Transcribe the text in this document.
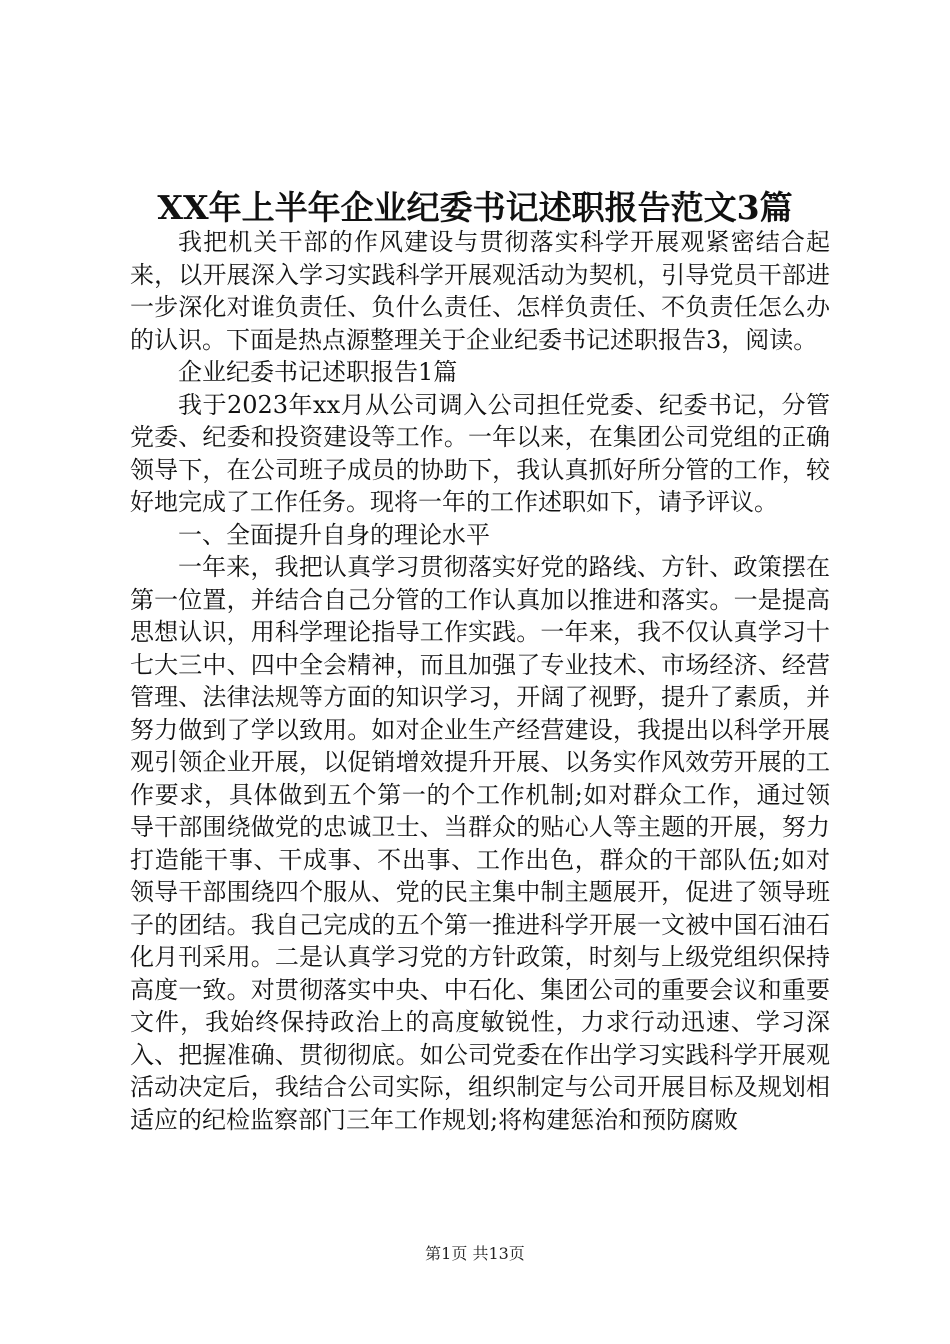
XX年上半年企业纪委书记述职报告范文3篇

我把机关干部的作风建设与贯彻落实科学开展观紧密结合起来，以开展深入学习实践科学开展观活动为契机，引导党员干部进一步深化对谁负责任、负什么责任、怎样负责任、不负责任怎么办的认识。下面是热点源整理关于企业纪委书记述职报告3，阅读。

企业纪委书记述职报告1篇

我于2023年xx月从公司调入公司担任党委、纪委书记，分管党委、纪委和投资建设等工作。一年以来，在集团公司党组的正确领导下，在公司班子成员的协助下，我认真抓好所分管的工作，较好地完成了工作任务。现将一年的工作述职如下，请予评议。

一、全面提升自身的理论水平

一年来，我把认真学习贯彻落实好党的路线、方针、政策摆在第一位置，并结合自己分管的工作认真加以推进和落实。一是提高思想认识，用科学理论指导工作实践。一年来，我不仅认真学习十七大三中、四中全会精神，而且加强了专业技术、市场经济、经营管理、法律法规等方面的知识学习，开阔了视野，提升了素质，并努力做到了学以致用。如对企业生产经营建设，我提出以科学开展观引领企业开展，以促销增效提升开展、以务实作风效劳开展的工作要求，具体做到五个第一的个工作机制;如对群众工作，通过领导干部围绕做党的忠诚卫士、当群众的贴心人等主题的开展，努力打造能干事、干成事、不出事、工作出色，群众的干部队伍;如对领导干部围绕四个服从、党的民主集中制主题展开，促进了领导班子的团结。我自己完成的五个第一推进科学开展一文被中国石油石化月刊采用。二是认真学习党的方针政策，时刻与上级党组织保持高度一致。对贯彻落实中央、中石化、集团公司的重要会议和重要文件，我始终保持政治上的高度敏锐性，力求行动迅速、学习深入、把握准确、贯彻彻底。如公司党委在作出学习实践科学开展观活动决定后，我结合公司实际，组织制定与公司开展目标及规划相适应的纪检监察部门三年工作规划;将构建惩治和预防腐败

第1页 共13页
